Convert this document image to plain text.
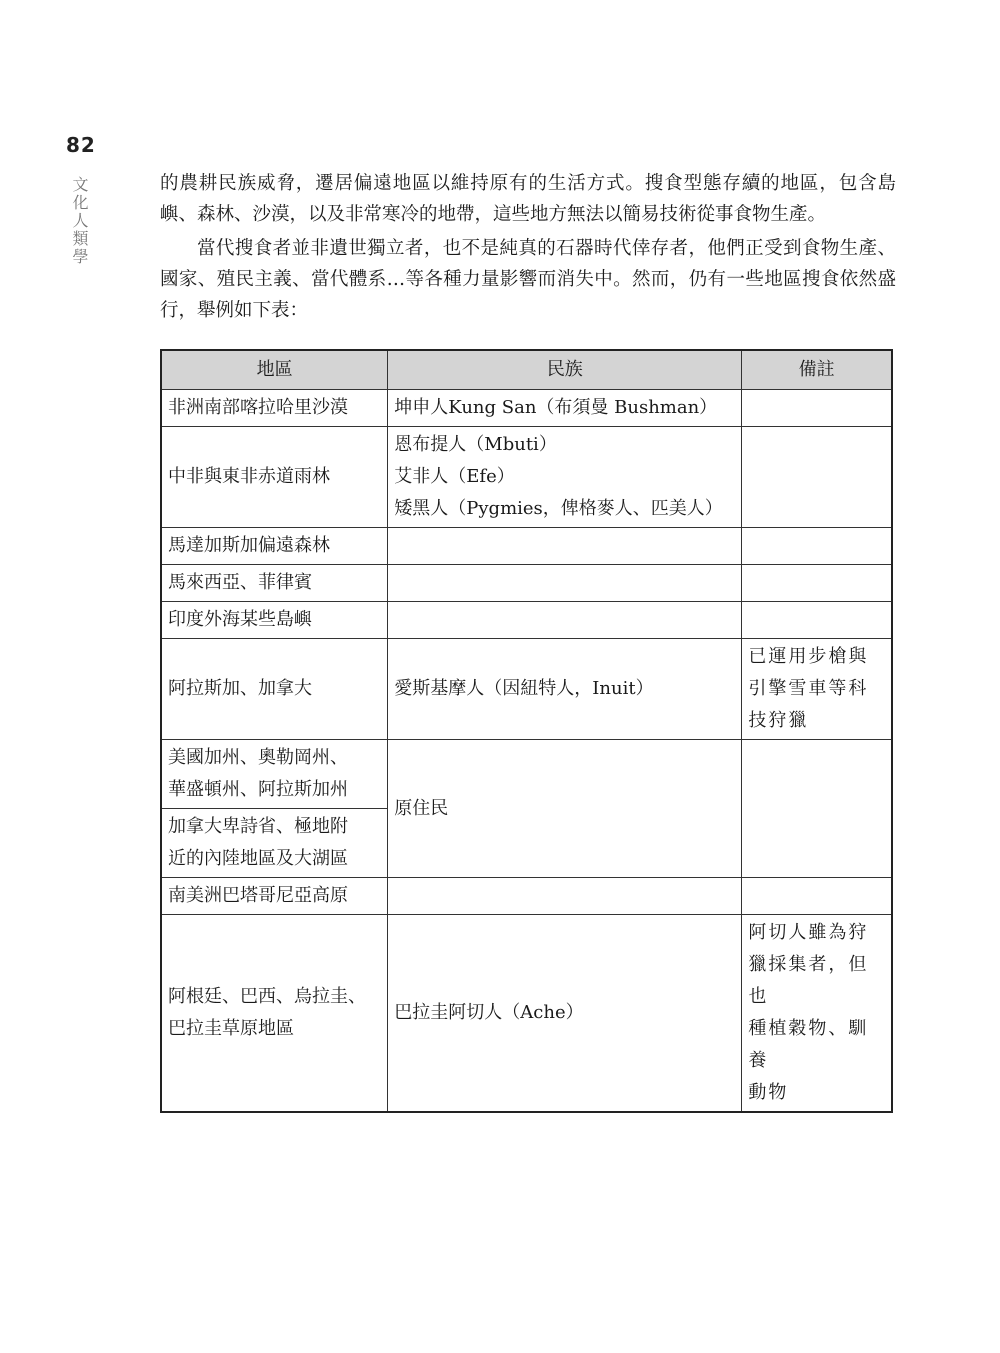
82
文化人類學	的農耕民族威脅，遷居偏遠地區以維持原有的生活方式。搜食型態存續的地區，包含島嶼、森林、沙漠，以及非常寒冷的地帶，這些地方無法以簡易技術從事食物生產。

當代搜食者並非遺世獨立者，也不是純真的石器時代倖存者，他們正受到食物生產、國家、殖民主義、當代體系…等各種力量影響而消失中。然而，仍有一些地區搜食依然盛行，舉例如下表：

地區	民族	備註

非洲南部喀拉哈里沙漠	坤申人Kung San（布須曼 Bushman）	

中非與東非赤道雨林	恩布提人（Mbuti）
艾非人（Efe）
矮黑人（Pygmies，俾格麥人、匹美人）	

馬達加斯加偏遠森林		

馬來西亞、菲律賓		

印度外海某些島嶼		

阿拉斯加、加拿大	愛斯基摩人（因紐特人，Inuit）	已運用步槍與
引擎雪車等科
技狩獵

美國加州、奧勒岡州、
華盛頓州、阿拉斯加州	原住民	

加拿大卑詩省、極地附
近的內陸地區及大湖區		

南美洲巴塔哥尼亞高原		

阿根廷、巴西、烏拉圭、
巴拉圭草原地區	巴拉圭阿切人（Ache）	阿切人雖為狩
獵採集者，但也
種植穀物、馴養
動物
